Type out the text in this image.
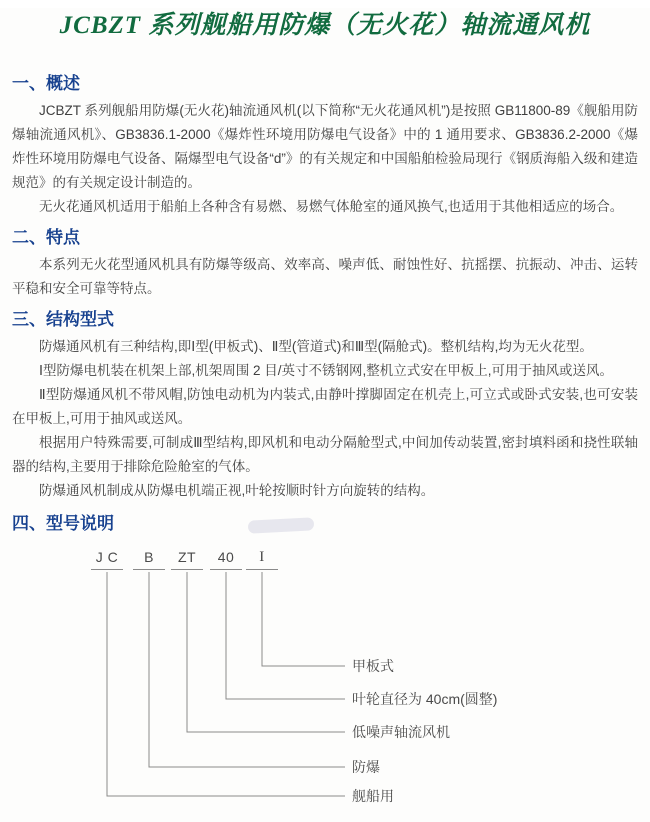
JCBZT 系列舰船用防爆（无火花）轴流通风机
一、概述

JCBZT 系列舰船用防爆(无火花)轴流通风机(以下简称“无火花通风机”)是按照 GB11800-89《舰船用防爆轴流通风机》、GB3836.1-2000《爆炸性环境用防爆电气设备》中的 1 通用要求、GB3836.2-2000《爆炸性环境用防爆电气设备、隔爆型电气设备“d”》的有关规定和中国船舶检验局现行《钢质海船入级和建造规范》的有关规定设计制造的。

无火花通风机适用于船舶上各种含有易燃、易燃气体舱室的通风换气,也适用于其他相适应的场合。

二、特点

本系列无火花型通风机具有防爆等级高、效率高、噪声低、耐蚀性好、抗摇摆、抗振动、冲击、运转平稳和安全可靠等特点。

三、结构型式

防爆通风机有三种结构,即Ⅰ型(甲板式)、Ⅱ型(管道式)和Ⅲ型(隔舱式)。整机结构,均为无火花型。

Ⅰ型防爆电机装在机架上部,机架周围 2 目/英寸不锈钢网,整机立式安在甲板上,可用于抽风或送风。

Ⅱ型防爆通风机不带风帽,防蚀电动机为内装式,由静叶撑脚固定在机壳上,可立式或卧式安装,也可安装在甲板上,可用于抽风或送风。

根据用户特殊需要,可制成Ⅲ型结构,即风机和电动分隔舱型式,中间加传动装置,密封填料函和挠性联轴器的结构,主要用于排除危险舱室的气体。

防爆通风机制成从防爆电机端正视,叶轮按顺时针方向旋转的结构。

四、型号说明
J C	B	ZT	40	I
甲板式
叶轮直径为 40cm(圆整)
低噪声轴流风机
防爆
舰船用
